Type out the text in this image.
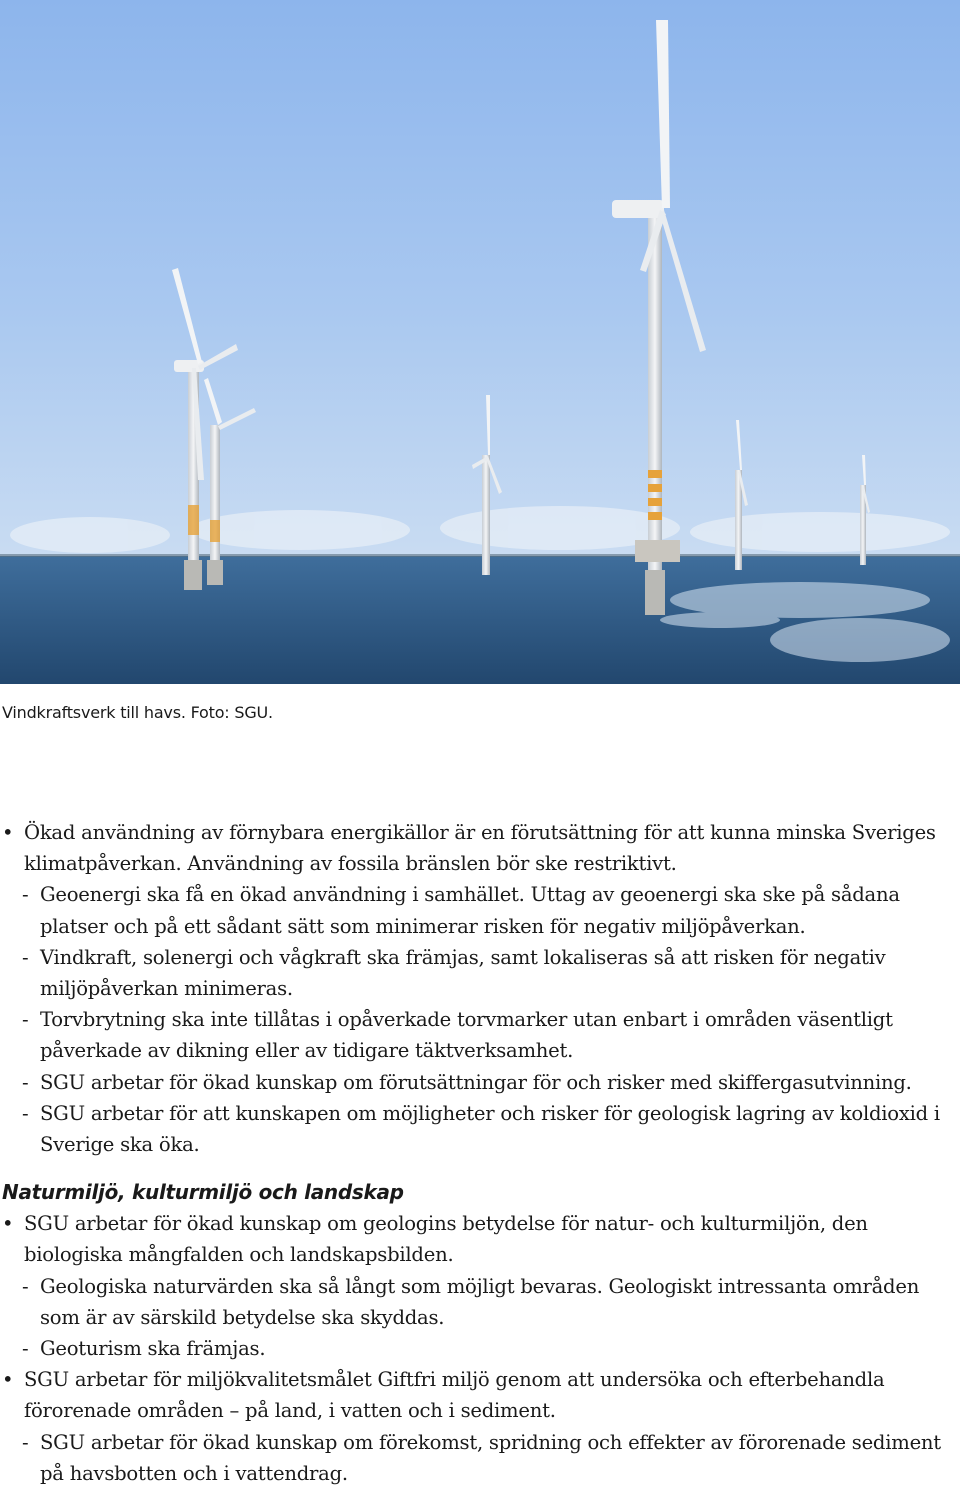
Vindkraftsverk till havs. Foto: SGU.
• Ökad användning av förnybara energikällor är en förutsättning för att kunna minska Sveriges klimatpåverkan. Användning av fossila bränslen bör ske restriktivt.
- Geoenergi ska få en ökad användning i samhället. Uttag av geoenergi ska ske på sådana platser och på ett sådant sätt som minimerar risken för negativ miljöpåverkan.
- Vindkraft, solenergi och vågkraft ska främjas, samt lokaliseras så att risken för negativ miljöpåverkan minimeras.
- Torvbrytning ska inte tillåtas i opåverkade torvmarker utan enbart i områden väsentligt påverkade av dikning eller av tidigare täktverksamhet.
- SGU arbetar för ökad kunskap om förutsättningar för och risker med skiffergasutvinning.
- SGU arbetar för att kunskapen om möjligheter och risker för geologisk lagring av koldioxid i Sverige ska öka.
Naturmiljö, kulturmiljö och landskap
• SGU arbetar för ökad kunskap om geologins betydelse för natur- och kulturmiljön, den biologiska mångfalden och landskapsbilden.
- Geologiska naturvärden ska så långt som möjligt bevaras. Geologiskt intressanta områden som är av särskild betydelse ska skyddas.
- Geoturism ska främjas.
• SGU arbetar för miljökvalitetsmålet Giftfri miljö genom att undersöka och efterbehandla förorenade områden – på land, i vatten och i sediment.
- SGU arbetar för ökad kunskap om förekomst, spridning och effekter av förorenade sediment på havsbotten och i vattendrag.
